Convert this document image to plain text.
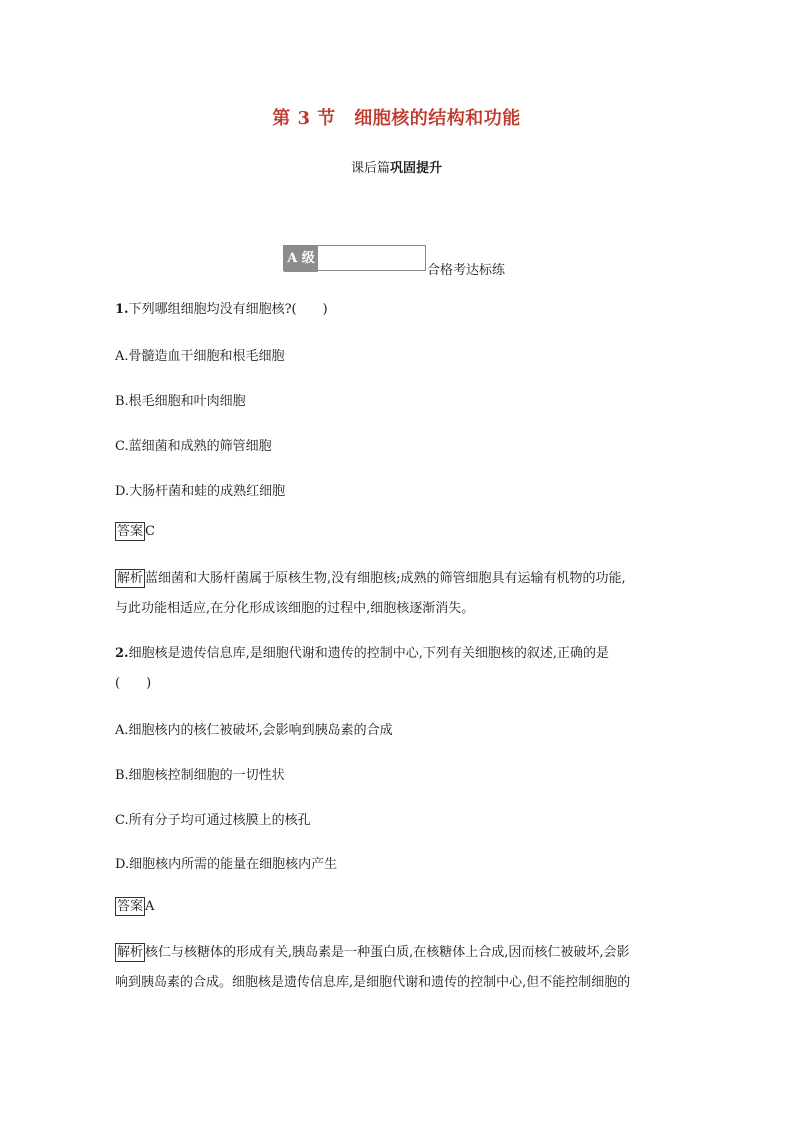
第 3 节　细胞核的结构和功能
课后篇巩固提升
A 级
合格考达标练
1.下列哪组细胞均没有细胞核?(　　)
A.骨髓造血干细胞和根毛细胞
B.根毛细胞和叶肉细胞
C.蓝细菌和成熟的筛管细胞
D.大肠杆菌和蛙的成熟红细胞
答案 C
解析 蓝细菌和大肠杆菌属于原核生物,没有细胞核;成熟的筛管细胞具有运输有机物的功能,
与此功能相适应,在分化形成该细胞的过程中,细胞核逐渐消失。
2.细胞核是遗传信息库,是细胞代谢和遗传的控制中心,下列有关细胞核的叙述,正确的是
(　　)
A.细胞核内的核仁被破坏,会影响到胰岛素的合成
B.细胞核控制细胞的一切性状
C.所有分子均可通过核膜上的核孔
D.细胞核内所需的能量在细胞核内产生
答案 A
解析 核仁与核糖体的形成有关,胰岛素是一种蛋白质,在核糖体上合成,因而核仁被破坏,会影
响到胰岛素的合成。细胞核是遗传信息库,是细胞代谢和遗传的控制中心,但不能控制细胞的
